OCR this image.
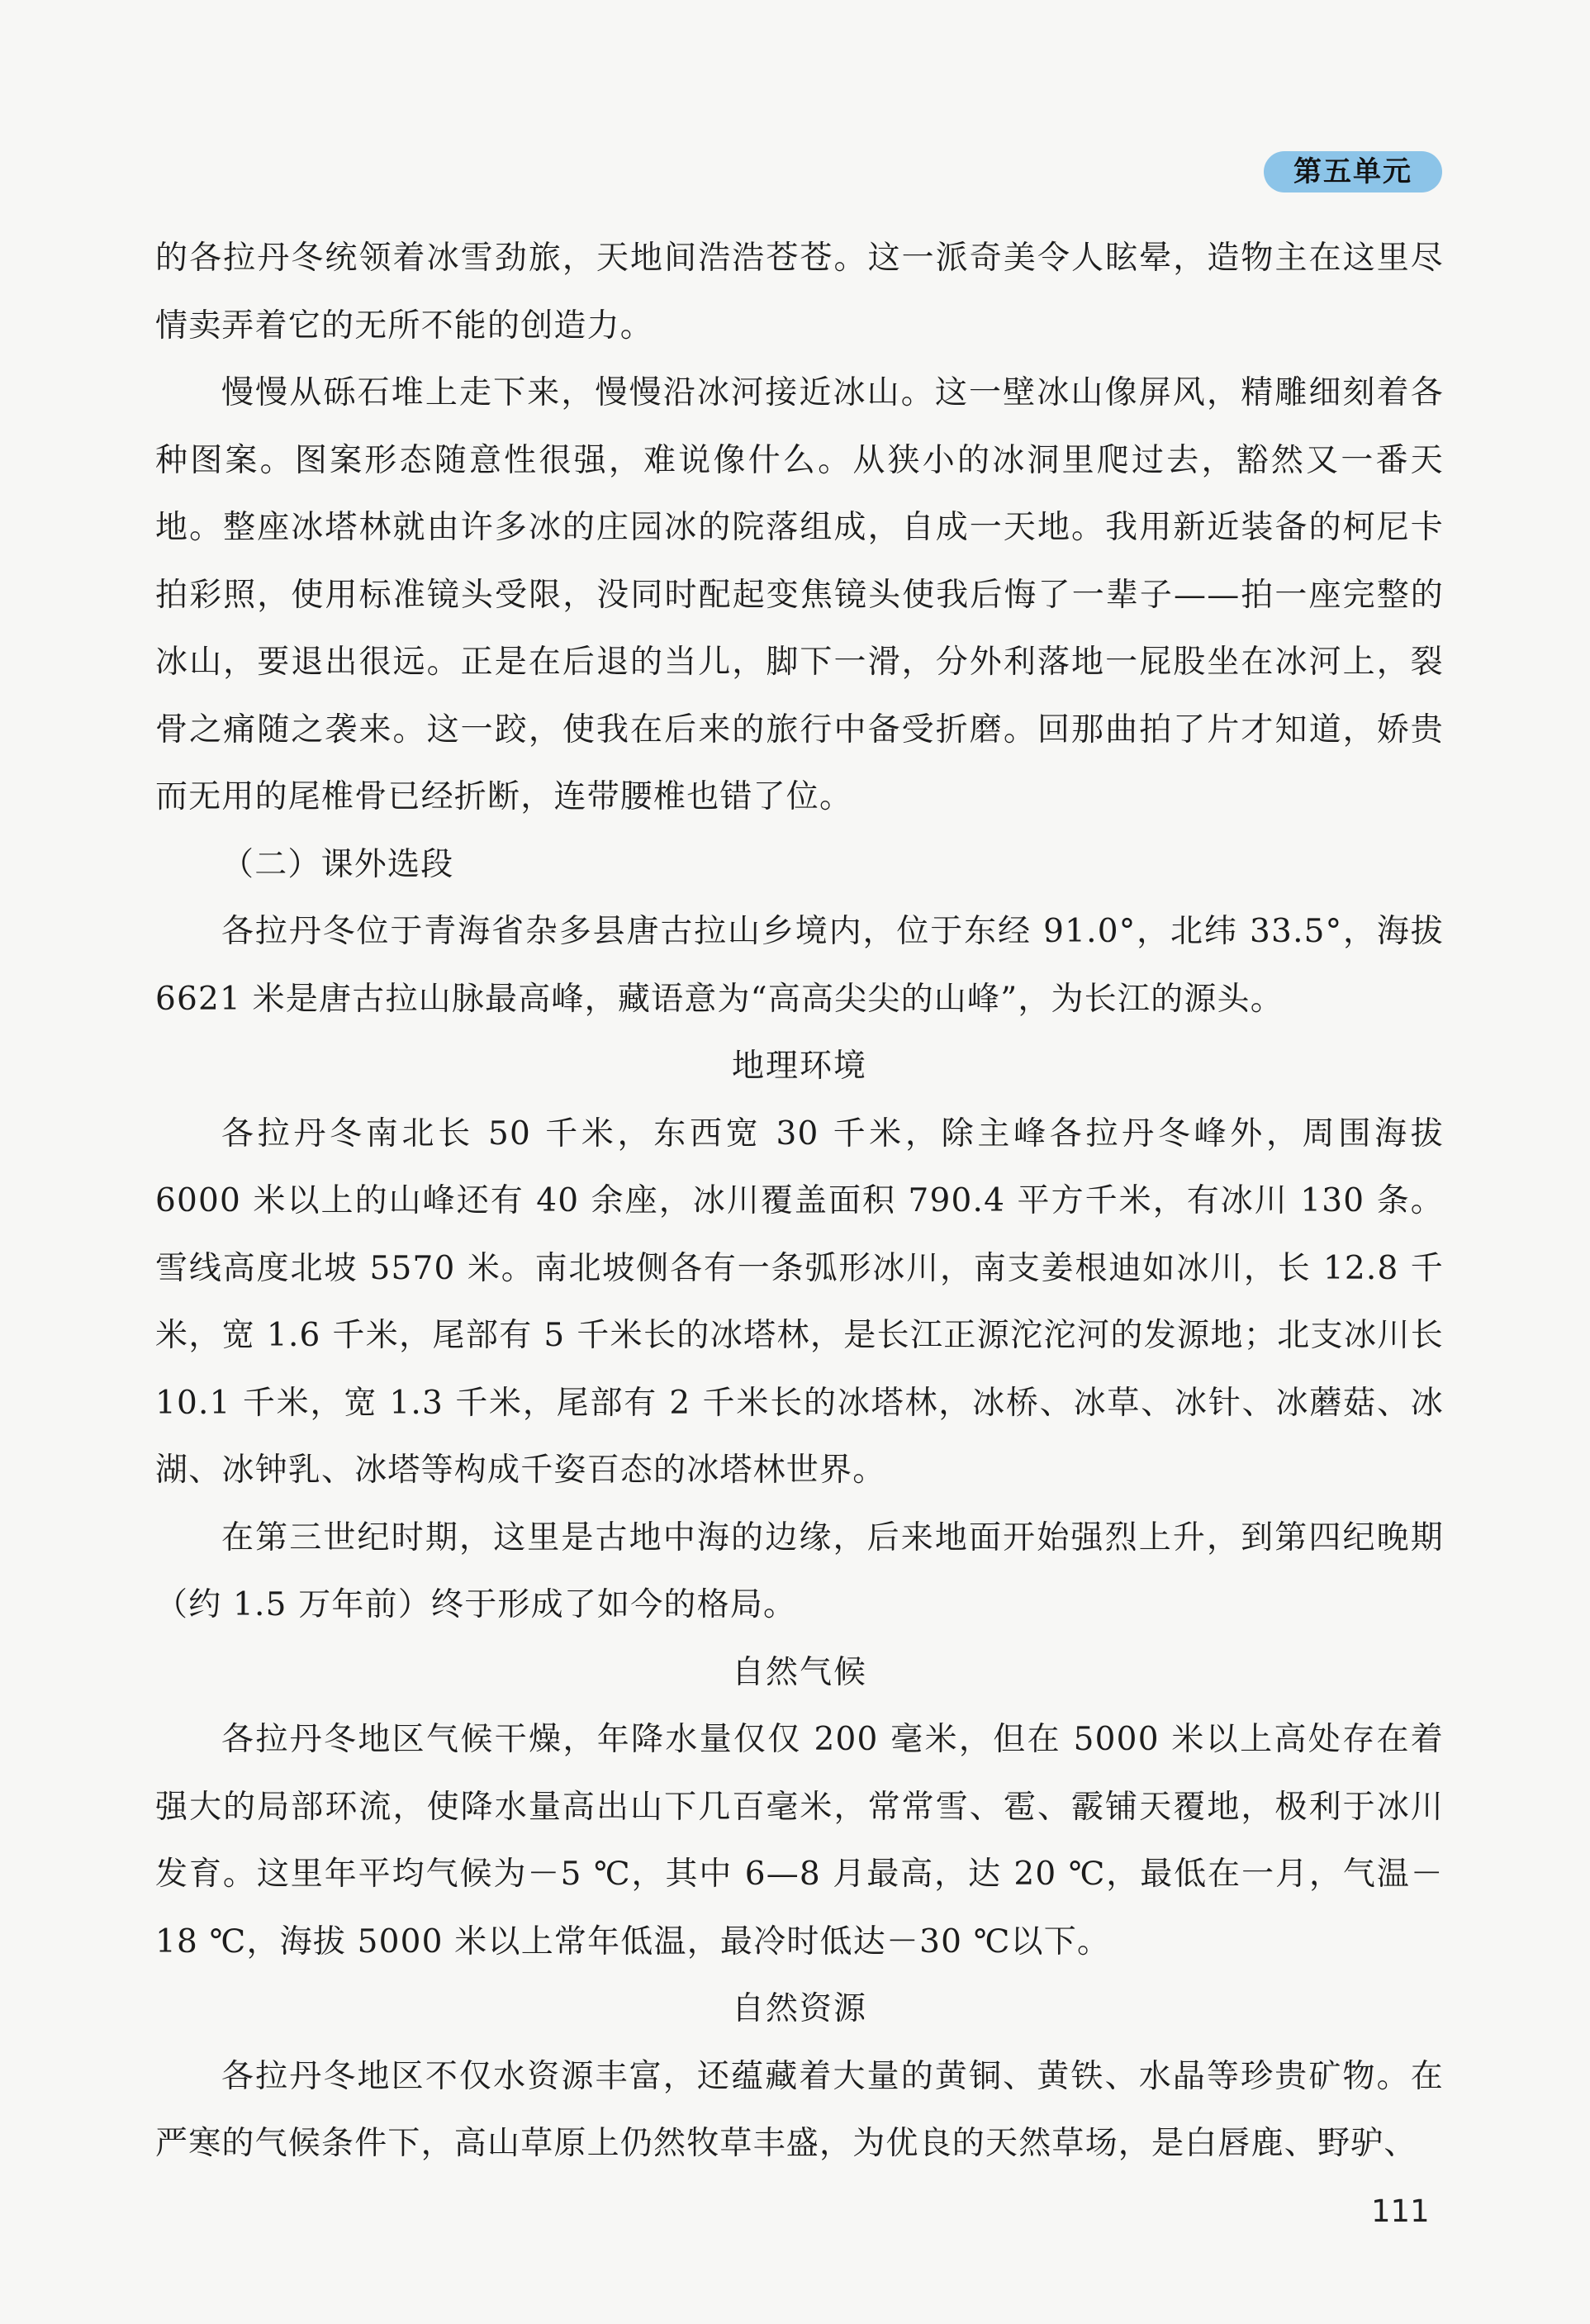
第五单元

的各拉丹冬统领着冰雪劲旅，天地间浩浩苍苍。这一派奇美令人眩晕，造物主在这里尽情卖弄着它的无所不能的创造力。

慢慢从砾石堆上走下来，慢慢沿冰河接近冰山。这一壁冰山像屏风，精雕细刻着各种图案。图案形态随意性很强，难说像什么。从狭小的冰洞里爬过去，豁然又一番天地。整座冰塔林就由许多冰的庄园冰的院落组成，自成一天地。我用新近装备的柯尼卡拍彩照，使用标准镜头受限，没同时配起变焦镜头使我后悔了一辈子——拍一座完整的冰山，要退出很远。正是在后退的当儿，脚下一滑，分外利落地一屁股坐在冰河上，裂骨之痛随之袭来。这一跤，使我在后来的旅行中备受折磨。回那曲拍了片才知道，娇贵而无用的尾椎骨已经折断，连带腰椎也错了位。

（二）课外选段

各拉丹冬位于青海省杂多县唐古拉山乡境内，位于东经 91.0°，北纬 33.5°，海拔 6621 米是唐古拉山脉最高峰，藏语意为“高高尖尖的山峰”，为长江的源头。

地理环境

各拉丹冬南北长 50 千米，东西宽 30 千米，除主峰各拉丹冬峰外，周围海拔 6000 米以上的山峰还有 40 余座，冰川覆盖面积 790.4 平方千米，有冰川 130 条。雪线高度北坡 5570 米。南北坡侧各有一条弧形冰川，南支姜根迪如冰川，长 12.8 千米，宽 1.6 千米，尾部有 5 千米长的冰塔林，是长江正源沱沱河的发源地；北支冰川长 10.1 千米，宽 1.3 千米，尾部有 2 千米长的冰塔林，冰桥、冰草、冰针、冰蘑菇、冰湖、冰钟乳、冰塔等构成千姿百态的冰塔林世界。

在第三世纪时期，这里是古地中海的边缘，后来地面开始强烈上升，到第四纪晚期（约 1.5 万年前）终于形成了如今的格局。

自然气候

各拉丹冬地区气候干燥，年降水量仅仅 200 毫米，但在 5000 米以上高处存在着强大的局部环流，使降水量高出山下几百毫米，常常雪、雹、霰铺天覆地，极利于冰川发育。这里年平均气候为－5 ℃，其中 6—8 月最高，达 20 ℃，最低在一月，气温－18 ℃，海拔 5000 米以上常年低温，最冷时低达－30 ℃以下。

自然资源

各拉丹冬地区不仅水资源丰富，还蕴藏着大量的黄铜、黄铁、水晶等珍贵矿物。在严寒的气候条件下，高山草原上仍然牧草丰盛，为优良的天然草场，是白唇鹿、野驴、

111
